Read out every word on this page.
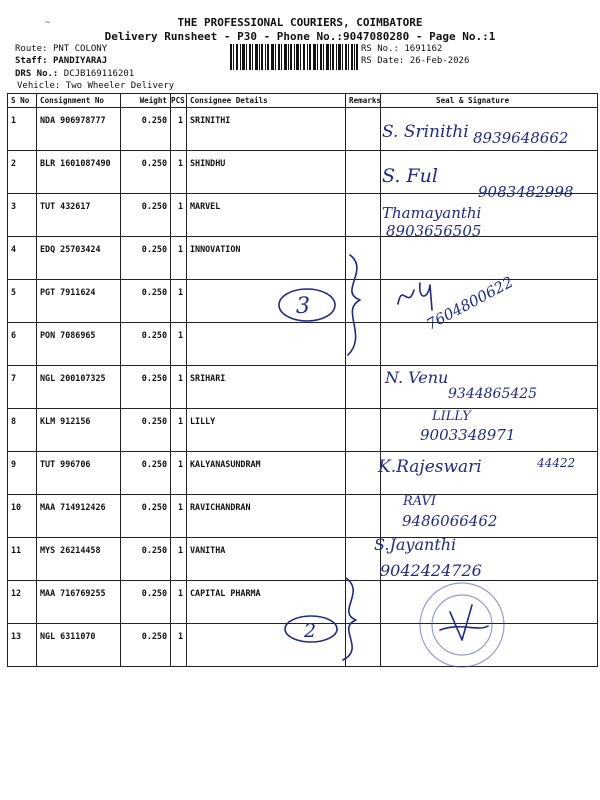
~	THE PROFESSIONAL COURIERS, COIMBATORE
Delivery Runsheet - P30 - Phone No.:9047080280 - Page No.:1
Route: PNT COLONY
Staff: PANDIYARAJ
DRS No.: DCJB169116201
Vehicle: Two Wheeler Delivery
RS No.: 1691162
RS Date: 26-Feb-2026
S No	Consignment No	Weight	PCS	Consignee Details	Remarks	Seal & Signature
1	NDA 906978777	0.250	1	SRINITHI		
2	BLR 1601087490	0.250	1	SHINDHU		
3	TUT 432617	0.250	1	MARVEL		
4	EDQ 25703424	0.250	1	INNOVATION		
5	PGT 7911624	0.250	1			
6	PON 7086965	0.250	1			
7	NGL 200107325	0.250	1	SRIHARI		
8	KLM 912156	0.250	1	LILLY		
9	TUT 996706	0.250	1	KALYANASUNDRAM		
10	MAA 714912426	0.250	1	RAVICHANDRAN		
11	MYS 26214458	0.250	1	VANITHA		
12	MAA 716769255	0.250	1	CAPITAL PHARMA		
13	NGL 6311070	0.250	1			
S. Srinithi 8939648662
S. Ful
9083482998
Thamayanthi
8903656505
3	7604800622
N. Venu
9344865425
LILLY
9003348971
K.Rajeswari	44422
RAVI
9486066462
S.Jayanthi
9042424726
2
